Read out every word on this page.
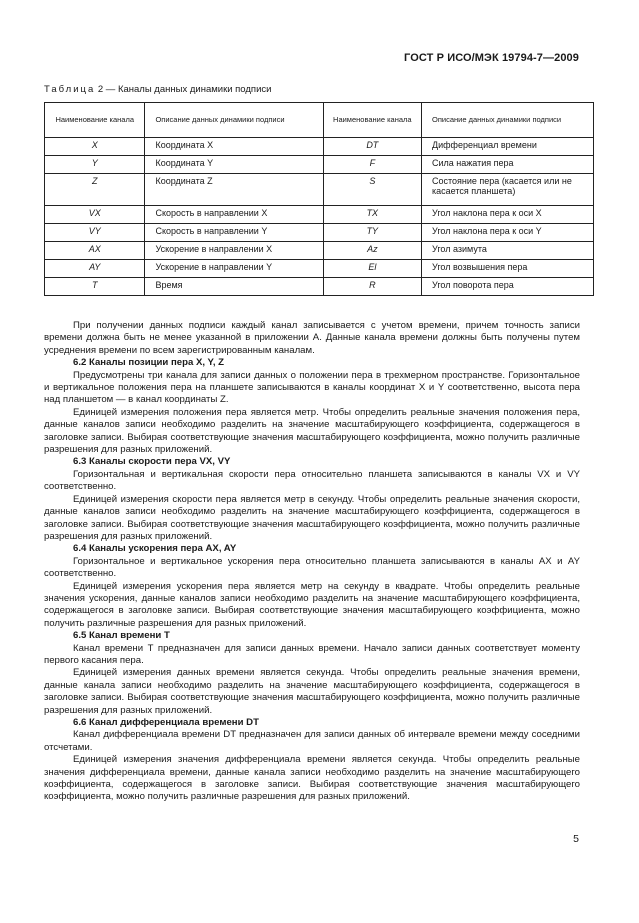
ГОСТ Р ИСО/МЭК 19794-7—2009
Таблица 2 — Каналы данных динамики подписи
Наименование канала	Описание данных динамики подписи	Наименование канала	Описание данных динамики подписи
X	Координата X	DT	Дифференциал времени
Y	Координата Y	F	Сила нажатия пера
Z	Координата Z	S	Состояние пера (касается или не касается планшета)
VX	Скорость в направлении X	TX	Угол наклона пера к оси X
VY	Скорость в направлении Y	TY	Угол наклона пера к оси Y
AX	Ускорение в направлении X	Az	Угол азимута
AY	Ускорение в направлении Y	El	Угол возвышения пера
T	Время	R	Угол поворота пера

При получении данных подписи каждый канал записывается с учетом времени, причем точность записи времени должна быть не менее указанной в приложении А. Данные канала времени должны быть получены путем усреднения времени по всем зарегистрированным каналам.

6.2 Каналы позиции пера X, Y, Z

Предусмотрены три канала для записи данных о положении пера в трехмерном пространстве. Горизонтальное и вертикальное положения пера на планшете записываются в каналы координат X и Y соответственно, высота пера над планшетом — в канал координаты Z.

Единицей измерения положения пера является метр. Чтобы определить реальные значения положения пера, данные каналов записи необходимо разделить на значение масштабирующего коэффициента, содержащегося в заголовке записи. Выбирая соответствующие значения масштабирующего коэффициента, можно получить различные разрешения для разных приложений.

6.3 Каналы скорости пера VX, VY

Горизонтальная и вертикальная скорости пера относительно планшета записываются в каналы VX и VY соответственно.

Единицей измерения скорости пера является метр в секунду. Чтобы определить реальные значения скорости, данные каналов записи необходимо разделить на значение масштабирующего коэффициента, содержащегося в заголовке записи. Выбирая соответствующие значения масштабирующего коэффициента, можно получить различные разрешения для разных приложений.

6.4 Каналы ускорения пера AX, AY

Горизонтальное и вертикальное ускорения пера относительно планшета записываются в каналы AX и AY соответственно.

Единицей измерения ускорения пера является метр на секунду в квадрате. Чтобы определить реальные значения ускорения, данные каналов записи необходимо разделить на значение масштабирующего коэффициента, содержащегося в заголовке записи. Выбирая соответствующие значения масштабирующего коэффициента, можно получить различные разрешения для разных приложений.

6.5 Канал времени T

Канал времени T предназначен для записи данных времени. Начало записи данных соответствует моменту первого касания пера.

Единицей измерения данных времени является секунда. Чтобы определить реальные значения времени, данные канала записи необходимо разделить на значение масштабирующего коэффициента, содержащегося в заголовке записи. Выбирая соответствующие значения масштабирующего коэффициента, можно получить различные разрешения для разных приложений.

6.6 Канал дифференциала времени DT

Канал дифференциала времени DT предназначен для записи данных об интервале времени между соседними отсчетами.

Единицей измерения значения дифференциала времени является секунда. Чтобы определить реальные значения дифференциала времени, данные канала записи необходимо разделить на значение масштабирующего коэффициента, содержащегося в заголовке записи. Выбирая соответствующие значения масштабирующего коэффициента, можно получить различные разрешения для разных приложений.

5
